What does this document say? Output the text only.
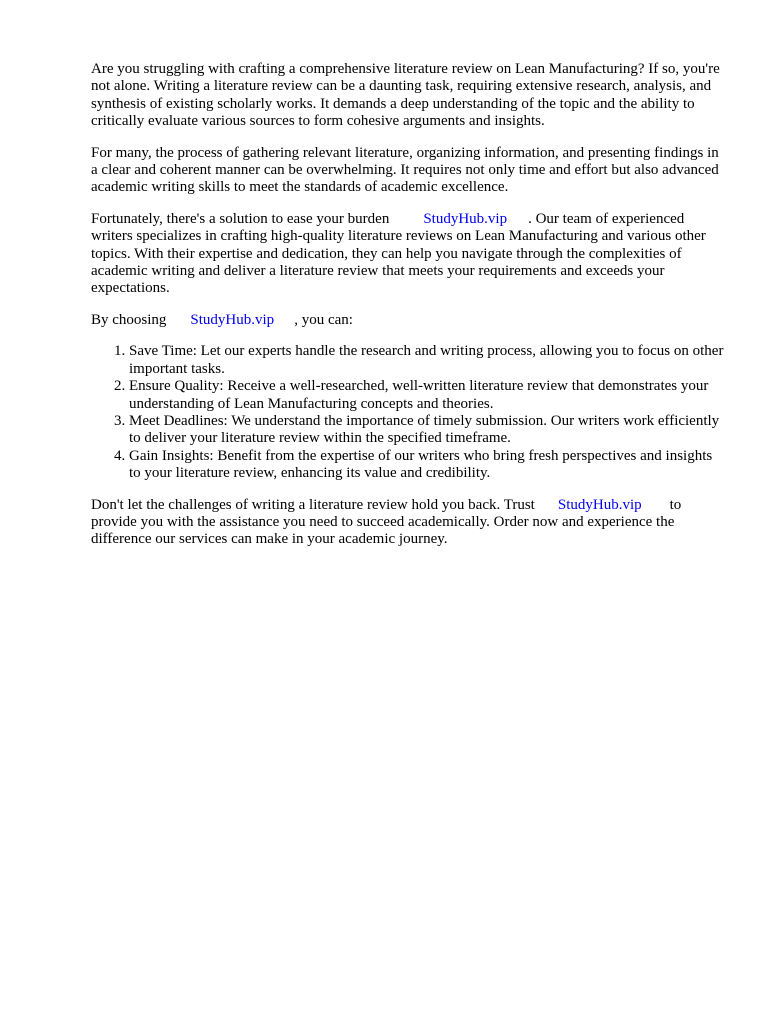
Are you struggling with crafting a comprehensive literature review on Lean Manufacturing? If so, you're not alone. Writing a literature review can be a daunting task, requiring extensive research, analysis, and synthesis of existing scholarly works. It demands a deep understanding of the topic and the ability to critically evaluate various sources to form cohesive arguments and insights.

For many, the process of gathering relevant literature, organizing information, and presenting findings in a clear and coherent manner can be overwhelming. It requires not only time and effort but also advanced academic writing skills to meet the standards of academic excellence.

Fortunately, there's a solution to ease your burden StudyHub.vip . Our team of experienced writers specializes in crafting high-quality literature reviews on Lean Manufacturing and various other topics. With their expertise and dedication, they can help you navigate through the complexities of academic writing and deliver a literature review that meets your requirements and exceeds your expectations.

By choosing StudyHub.vip , you can:

1. Save Time: Let our experts handle the research and writing process, allowing you to focus on other important tasks.
2. Ensure Quality: Receive a well-researched, well-written literature review that demonstrates your understanding of Lean Manufacturing concepts and theories.
3. Meet Deadlines: We understand the importance of timely submission. Our writers work efficiently to deliver your literature review within the specified timeframe.
4. Gain Insights: Benefit from the expertise of our writers who bring fresh perspectives and insights to your literature review, enhancing its value and credibility.

Don't let the challenges of writing a literature review hold you back. Trust StudyHub.vip to provide you with the assistance you need to succeed academically. Order now and experience the difference our services can make in your academic journey.
